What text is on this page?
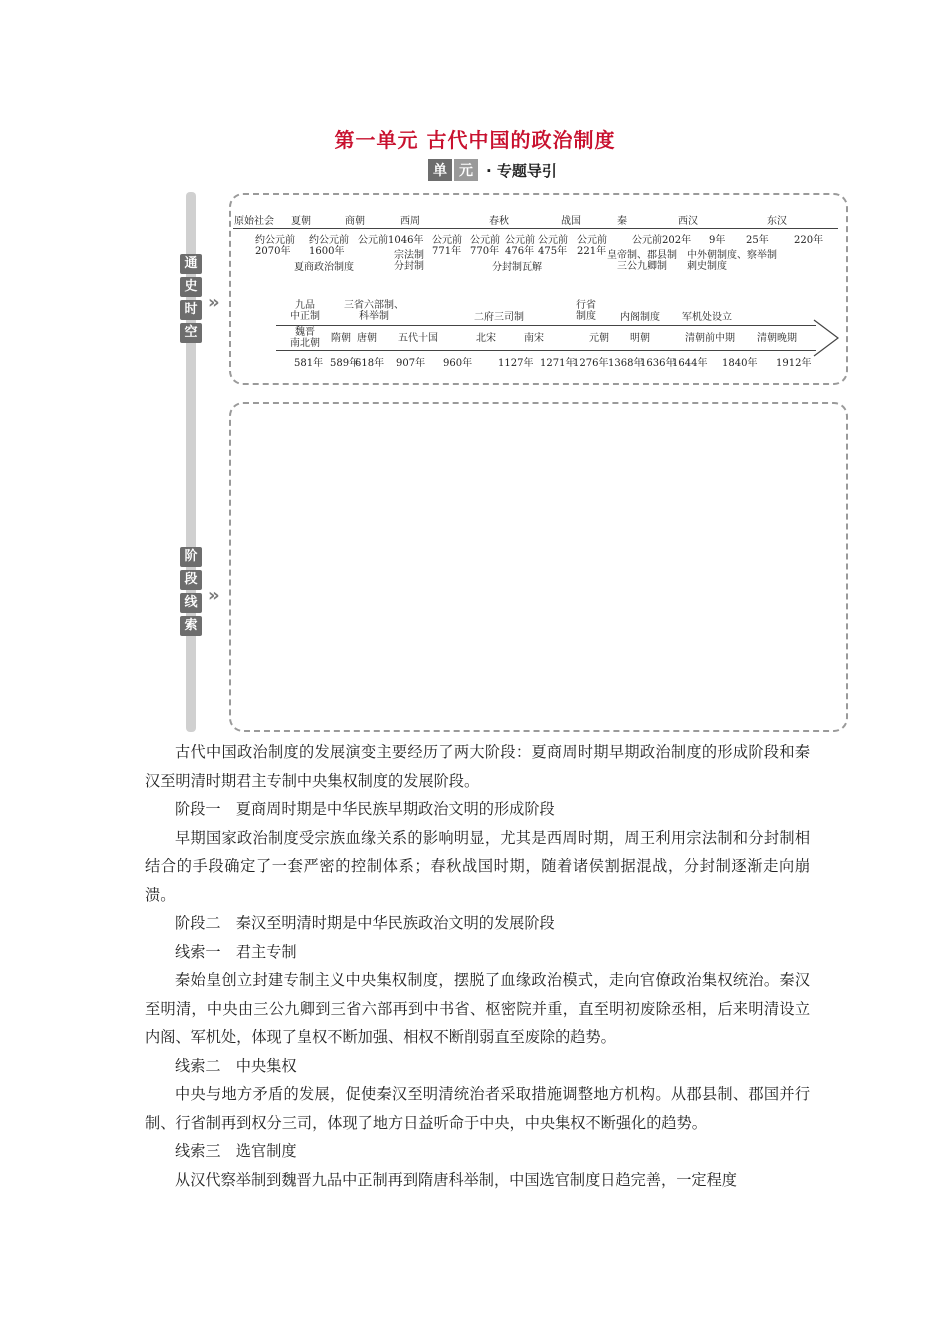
第一单元 古代中国的政治制度
单 元 · 专题导引
通
史
时
空
»
阶
段
线
索
»
原始社会 夏朝	商朝	西周	春秋	战国	秦	西汉	东汉
约公元前
2070年
约公元前
1600年
公元前1046年 公元前
771年
公元前
770年
公元前
476年
公元前
475年
公元前
221年
公元前202年 9年 25年	220年
夏商政治制度
宗法制
分封制	分封制瓦解
皇帝制、郡县制
三公九卿制
中外朝制度、察举制
刺史制度
九品
中正制
三省六部制、
科举制	二府三司制
行省
制度 内阁制度 军机处设立
魏晋
南北朝 隋朝 唐朝 五代十国	北宋	南宋	元朝 明朝	清朝前中期 清朝晚期
581年 589年
618年 907年 960年	1127年 1271年
1276年 1368年
1636年
1644年 1840年 1912年

古代中国政治制度的发展演变主要经历了两大阶段：夏商周时期早期政治制度的形成阶段和秦汉至明清时期君主专制中央集权制度的发展阶段。

阶段一　夏商周时期是中华民族早期政治文明的形成阶段

早期国家政治制度受宗族血缘关系的影响明显，尤其是西周时期，周王利用宗法制和分封制相结合的手段确定了一套严密的控制体系；春秋战国时期，随着诸侯割据混战，分封制逐渐走向崩溃。

阶段二　秦汉至明清时期是中华民族政治文明的发展阶段

线索一　君主专制

秦始皇创立封建专制主义中央集权制度，摆脱了血缘政治模式，走向官僚政治集权统治。秦汉至明清，中央由三公九卿到三省六部再到中书省、枢密院并重，直至明初废除丞相，后来明清设立内阁、军机处，体现了皇权不断加强、相权不断削弱直至废除的趋势。

线索二　中央集权

中央与地方矛盾的发展，促使秦汉至明清统治者采取措施调整地方机构。从郡县制、郡国并行制、行省制再到权分三司，体现了地方日益听命于中央，中央集权不断强化的趋势。

线索三　选官制度

从汉代察举制到魏晋九品中正制再到隋唐科举制，中国选官制度日趋完善，一定程度
